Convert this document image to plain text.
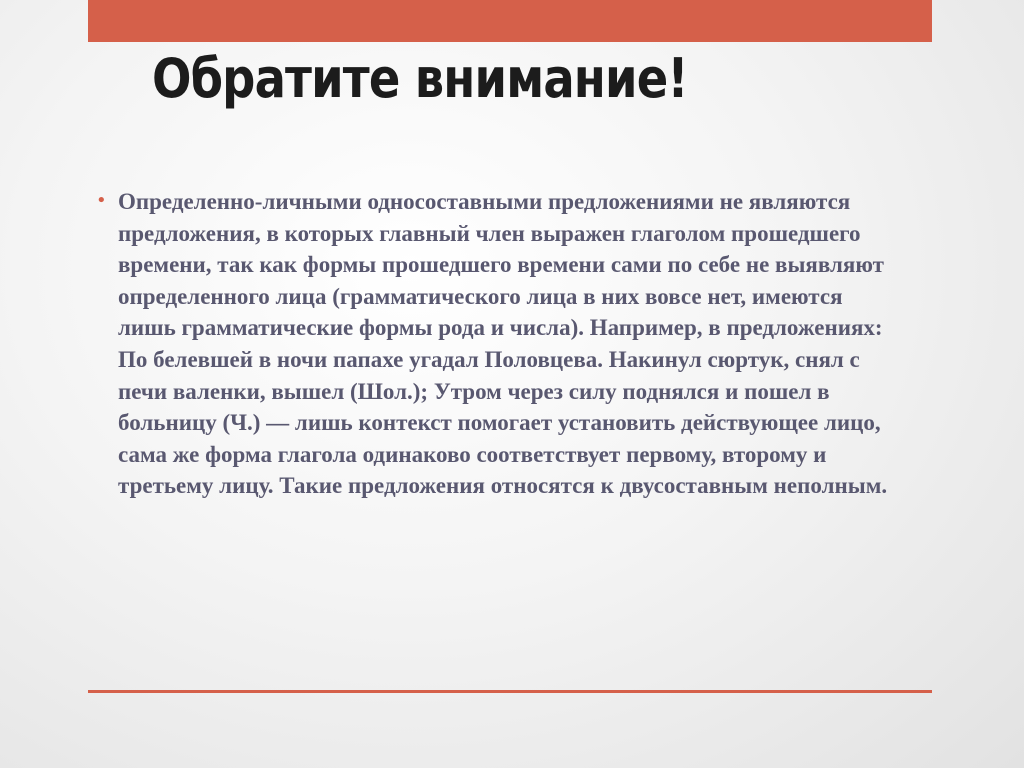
Обратите внимание!
• Определенно-личными односоставными предложениями не являются предложения, в которых главный член выражен глаголом прошедшего времени, так как формы прошедшего времени сами по себе не выявляют определенного лица (грамматического лица в них вовсе нет, имеются лишь грамматические формы рода и числа). Например, в предложениях: По белевшей в ночи папахе угадал Половцева. Накинул сюртук, снял с печи валенки, вышел (Шол.); Утром через силу поднялся и пошел в больницу (Ч.) — лишь контекст помогает установить действующее лицо, сама же форма глагола одинаково соответствует первому, второму и третьему лицу. Такие предложения относятся к двусоставным неполным.
